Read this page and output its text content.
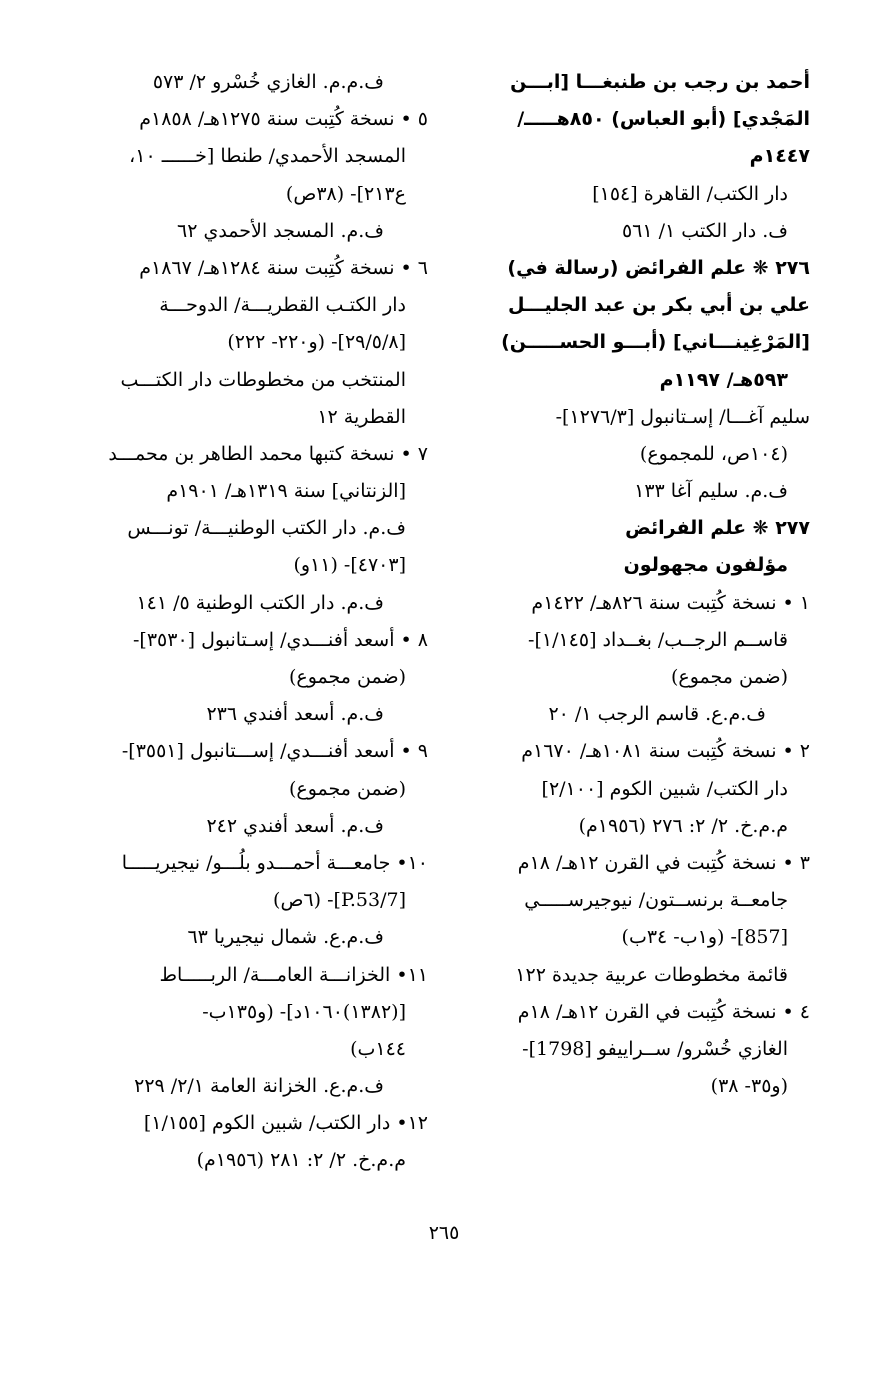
أحمد بن رجب بن طنبغـــا [ابـــن
المَجْدي] (أبو العباس) ٨٥٠هـــــ/
١٤٤٧م
دار الكتب/ القاهرة [١٥٤]
ف. دار الكتب ١/ ٥٦١
٢٧٦ ❋ علم الفرائض (رسالة في)
علي بن أبي بكر بن عبد الجليـــل
[المَرْغِينـــاني] (أبـــو الحســـــن)
٥٩٣هـ/ ١١٩٧م
سليم آغـــا/ إسـتانبول [١٢٧٦/٣]-
(١٠٤ص، للمجموع)
ف.م. سليم آغا ١٣٣
٢٧٧ ❋ علم الفرائض
مؤلفون مجهولون
١ • نسخة كُتِبت سنة ٨٢٦هـ/ ١٤٢٢م
قاســم الرجــب/ بغــداد [١/١٤٥]-
(ضمن مجموع)
ف.م.ع. قاسم الرجب ١/ ٢٠
٢ • نسخة كُتِبت سنة ١٠٨١هـ/ ١٦٧٠م
دار الكتب/ شبين الكوم [٢/١٠٠]
م.م.خ. ٢/ ٢: ٢٧٦ (١٩٥٦م)
٣ • نسخة كُتِبت في القرن ١٢هـ/ ١٨م
جامعــة برنســتون/ نيوجيرســـــي
[857]- (و١ب- ٣٤ب)
قائمة مخطوطات عربية جديدة ١٢٢
٤ • نسخة كُتِبت في القرن ١٢هـ/ ١٨م
الغازي خُسْرو/ ســراييفو [1798]-
(و٣٥- ٣٨)
ف.م.م. الغازي خُسْرو ٢/ ٥٧٣
٥ • نسخة كُتِبت سنة ١٢٧٥هـ/ ١٨٥٨م
المسجد الأحمدي/ طنطا [خــــــ ١٠،
ع٢١٣]- (٣٨ص)
ف.م. المسجد الأحمدي ٦٢
٦ • نسخة كُتِبت سنة ١٢٨٤هـ/ ١٨٦٧م
دار الكتـب القطريـــة/ الدوحـــة
[٢٩/٥/٨]- (و٢٢٠- ٢٢٢)
المنتخب من مخطوطات دار الكتـــب
القطرية ١٢
٧ • نسخة كتبها محمد الطاهر بن محمـــد
[الزنتاني] سنة ١٣١٩هـ/ ١٩٠١م
ف.م. دار الكتب الوطنيـــة/ تونـــس
[٤٧٠٣]- (١١و)
ف.م. دار الكتب الوطنية ٥/ ١٤١
٨ • أسعد أفنـــدي/ إسـتانبول [٣٥٣٠]-
(ضمن مجموع)
ف.م. أسعد أفندي ٢٣٦
٩ • أسعد أفنـــدي/ إســـتانبول [٣٥٥١]-
(ضمن مجموع)
ف.م. أسعد أفندي ٢٤٢
١٠• جامعـــة أحمـــدو بلُـــو/ نيجيريـــــا
[P.53/7]- (٦ص)
ف.م.ع. شمال نيجيريا ٦٣
١١• الخزانـــة العامـــة/ الربـــــاط
[(١٣٨٢)١٠٦٠د]- (و١٣٥ب-
١٤٤ب)
ف.م.ع. الخزانة العامة ٢/١/ ٢٢٩
١٢• دار الكتب/ شبين الكوم [١/١٥٥]
م.م.خ. ٢/ ٢: ٢٨١ (١٩٥٦م)
٢٦٥
